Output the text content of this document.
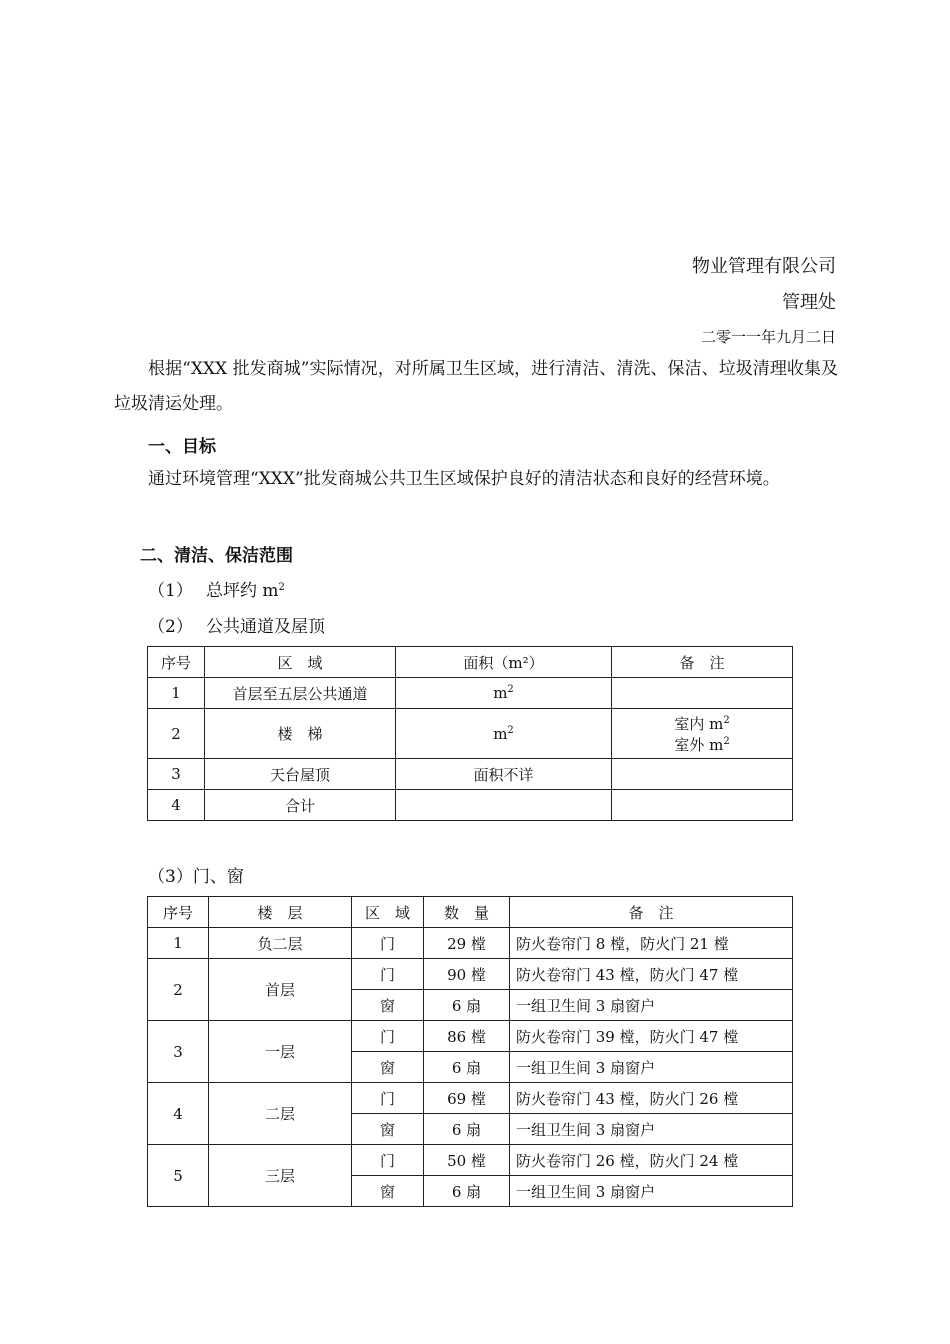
物业管理有限公司
管理处
二零一一年九月二日
根据“XXX 批发商城”实际情况，对所属卫生区域，进行清洁、清洗、保洁、垃圾清理收集及垃圾清运处理。
一、目标
通过环境管理“XXX”批发商城公共卫生区域保护良好的清洁状态和良好的经营环境。
二、清洁、保洁范围
（1） 总坪约 $m^2$
（2） 公共通道及屋顶
序号	区　域	面积（m²）	备　注
1	首层至五层公共通道	$m^2$	
2	楼　梯	$m^2$	室内 $m^2$
室外 $m^2$
3	天台屋顶	面积不详	
4	合计		
（3）门、窗
序号	楼　层	区　域	数　量	备　注
1	负二层	门	29 樘	防火卷帘门 8 樘，防火门 21 樘
2	首层	门	90 樘	防火卷帘门 43 樘，防火门 47 樘
		窗	6 扇	一组卫生间 3 扇窗户
3	一层	门	86 樘	防火卷帘门 39 樘，防火门 47 樘
		窗	6 扇	一组卫生间 3 扇窗户
4	二层	门	69 樘	防火卷帘门 43 樘，防火门 26 樘
		窗	6 扇	一组卫生间 3 扇窗户
5	三层	门	50 樘	防火卷帘门 26 樘，防火门 24 樘
		窗	6 扇	一组卫生间 3 扇窗户
